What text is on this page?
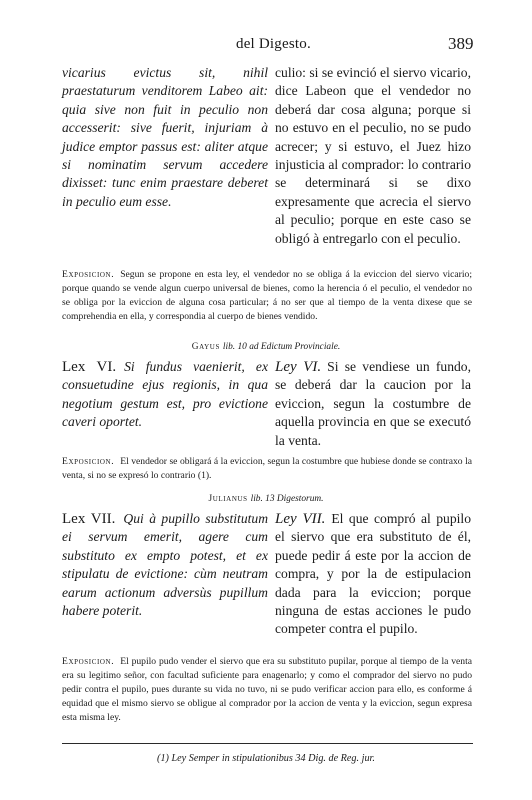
del Digesto.	389
vicarius evictus sit, nihil praestaturum venditorem Labeo ait: quia sive non fuit in peculio non accesserit: sive fuerit, injuriam à judice emptor passus est: aliter atque si nominatim servum accedere dixisset: tunc enim praestare deberet in peculio eum esse.
culio: si se evinció el siervo vicario, dice Labeon que el vendedor no deberá dar cosa alguna; porque si no estuvo en el peculio, no se pudo acrecer; y si estuvo, el Juez hizo injusticia al comprador: lo contrario se determinará si se dixo expresamente que acrecia el siervo al peculio; porque en este caso se obligó à entregarlo con el peculio.
Exposicion. Segun se propone en esta ley, el vendedor no se obliga á la eviccion del siervo vicario; porque quando se vende algun cuerpo universal de bienes, como la herencia ó el peculio, el vendedor no se obliga por la eviccion de alguna cosa particular; á no ser que al tiempo de la venta dixese que se comprehendia en ella, y correspondia al cuerpo de bienes vendido.
Gayus lib. 10 ad Edictum Provinciale.
Lex VI. Si fundus vaenierit, ex consuetudine ejus regionis, in qua negotium gestum est, pro evictione caveri oportet.
Ley VI. Si se vendiese un fundo, se deberá dar la caucion por la eviccion, segun la costumbre de aquella provincia en que se executó la venta.
Exposicion. El vendedor se obligará á la eviccion, segun la costumbre que hubiese donde se contraxo la venta, si no se expresó lo contrario (1).
Julianus lib. 13 Digestorum.
Lex VII. Qui à pupillo substitutum ei servum emerit, agere cum substituto ex empto potest, et ex stipulatu de evictione: cùm neutram earum actionum adversùs pupillum habere poterit.
Ley VII. El que compró al pupilo el siervo que era substituto de él, puede pedir á este por la accion de compra, y por la de estipulacion dada para la eviccion; porque ninguna de estas acciones le pudo competer contra el pupilo.
Exposicion. El pupilo pudo vender el siervo que era su substituto pupilar, porque al tiempo de la venta era su legitimo señor, con facultad suficiente para enagenarlo; y como el comprador del siervo no pudo pedir contra el pupilo, pues durante su vida no tuvo, ni se pudo verificar accion para ello, es conforme á equidad que el mismo siervo se obligue al comprador por la accion de venta y la eviccion, segun expresa esta misma ley.
(1) Ley Semper in stipulationibus 34 Dig. de Reg. jur.
